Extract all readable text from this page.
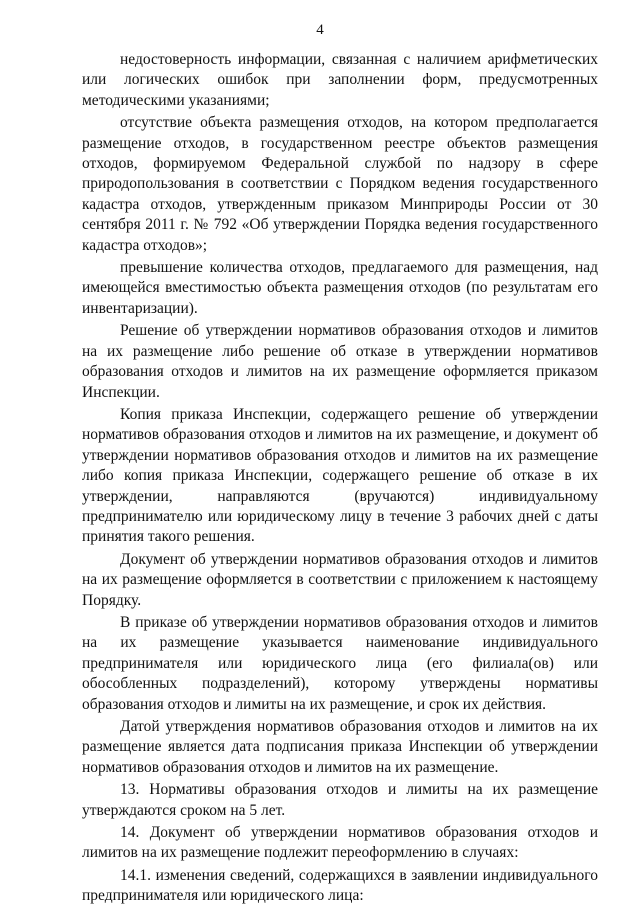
4

недостоверность информации, связанная с наличием арифметических или логических ошибок при заполнении форм, предусмотренных методическими указаниями;

отсутствие объекта размещения отходов, на котором предполагается размещение отходов, в государственном реестре объектов размещения отходов, формируемом Федеральной службой по надзору в сфере природопользования в соответствии с Порядком ведения государственного кадастра отходов, утвержденным приказом Минприроды России от 30 сентября 2011 г. № 792 «Об утверждении Порядка ведения государственного кадастра отходов»;

превышение количества отходов, предлагаемого для размещения, над имеющейся вместимостью объекта размещения отходов (по результатам его инвентаризации).

Решение об утверждении нормативов образования отходов и лимитов на их размещение либо решение об отказе в утверждении нормативов образования отходов и лимитов на их размещение оформляется приказом Инспекции.

Копия приказа Инспекции, содержащего решение об утверждении нормативов образования отходов и лимитов на их размещение, и документ об утверждении нормативов образования отходов и лимитов на их размещение либо копия приказа Инспекции, содержащего решение об отказе в их утверждении, направляются (вручаются) индивидуальному предпринимателю или юридическому лицу в течение 3 рабочих дней с даты принятия такого решения.

Документ об утверждении нормативов образования отходов и лимитов на их размещение оформляется в соответствии с приложением к настоящему Порядку.

В приказе об утверждении нормативов образования отходов и лимитов на их размещение указывается наименование индивидуального предпринимателя или юридического лица (его филиала(ов) или обособленных подразделений), которому утверждены нормативы образования отходов и лимиты на их размещение, и срок их действия.

Датой утверждения нормативов образования отходов и лимитов на их размещение является дата подписания приказа Инспекции об утверждении нормативов образования отходов и лимитов на их размещение.

13. Нормативы образования отходов и лимиты на их размещение утверждаются сроком на 5 лет.

14. Документ об утверждении нормативов образования отходов и лимитов на их размещение подлежит переоформлению в случаях:

14.1. изменения сведений, содержащихся в заявлении индивидуального предпринимателя или юридического лица:
